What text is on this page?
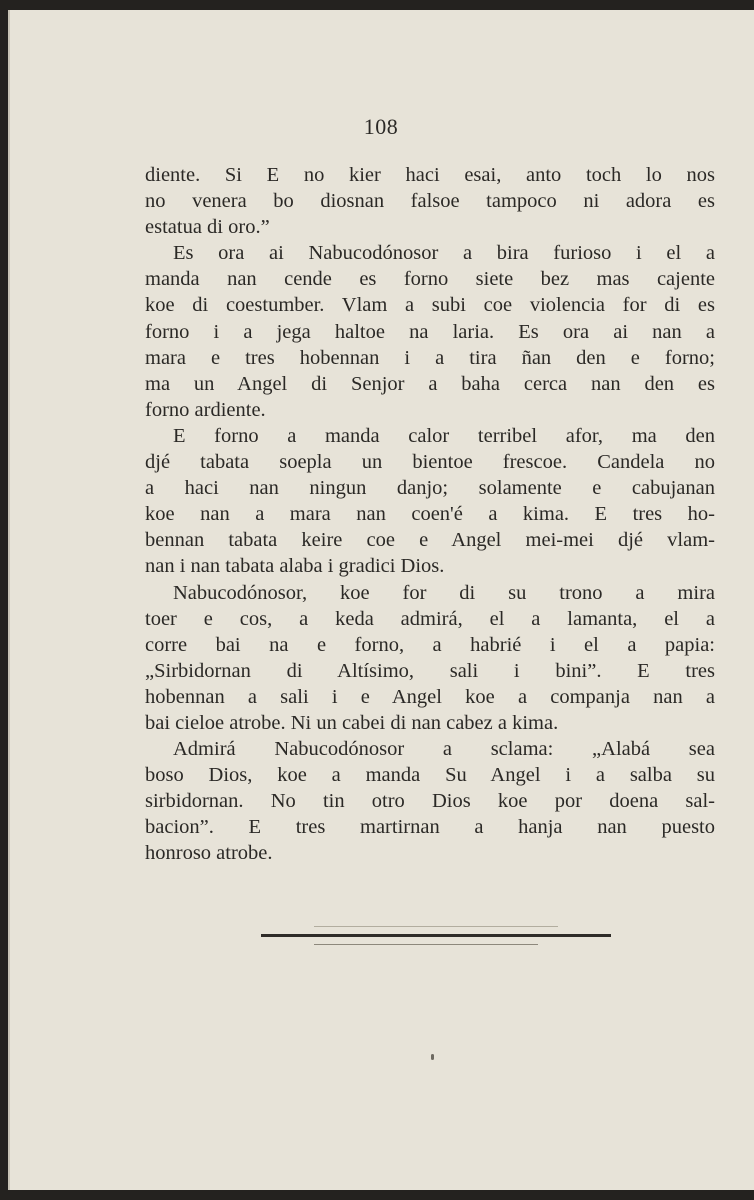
108
diente. Si E no kier haci esai, anto toch lo nos
no venera bo diosnan falsoe tampoco ni adora es
estatua di oro.”
Es ora ai Nabucodónosor a bira furioso i el a
manda nan cende es forno siete bez mas cajente
koe di coestumber. Vlam a subi coe violencia for di es
forno i a jega haltoe na laria. Es ora ai nan a
mara e tres hobennan i a tira ñan den e forno;
ma un Angel di Senjor a baha cerca nan den es
forno ardiente.
E forno a manda calor terribel afor, ma den
djé tabata soepla un bientoe frescoe. Candela no
a haci nan ningun danjo; solamente e cabujanan
koe nan a mara nan coen'é a kima. E tres ho-
bennan tabata keire coe e Angel mei-mei djé vlam-
nan i nan tabata alaba i gradici Dios.
Nabucodónosor, koe for di su trono a mira
toer e cos, a keda admirá, el a lamanta, el a
corre bai na e forno, a habrié i el a papia:
„Sirbidornan di Altísimo, sali i bini”. E tres
hobennan a sali i e Angel koe a companja nan a
bai cieloe atrobe. Ni un cabei di nan cabez a kima.
Admirá Nabucodónosor a sclama: „Alabá sea
boso Dios, koe a manda Su Angel i a salba su
sirbidornan. No tin otro Dios koe por doena sal-
bacion”. E tres martirnan a hanja nan puesto
honroso atrobe.
